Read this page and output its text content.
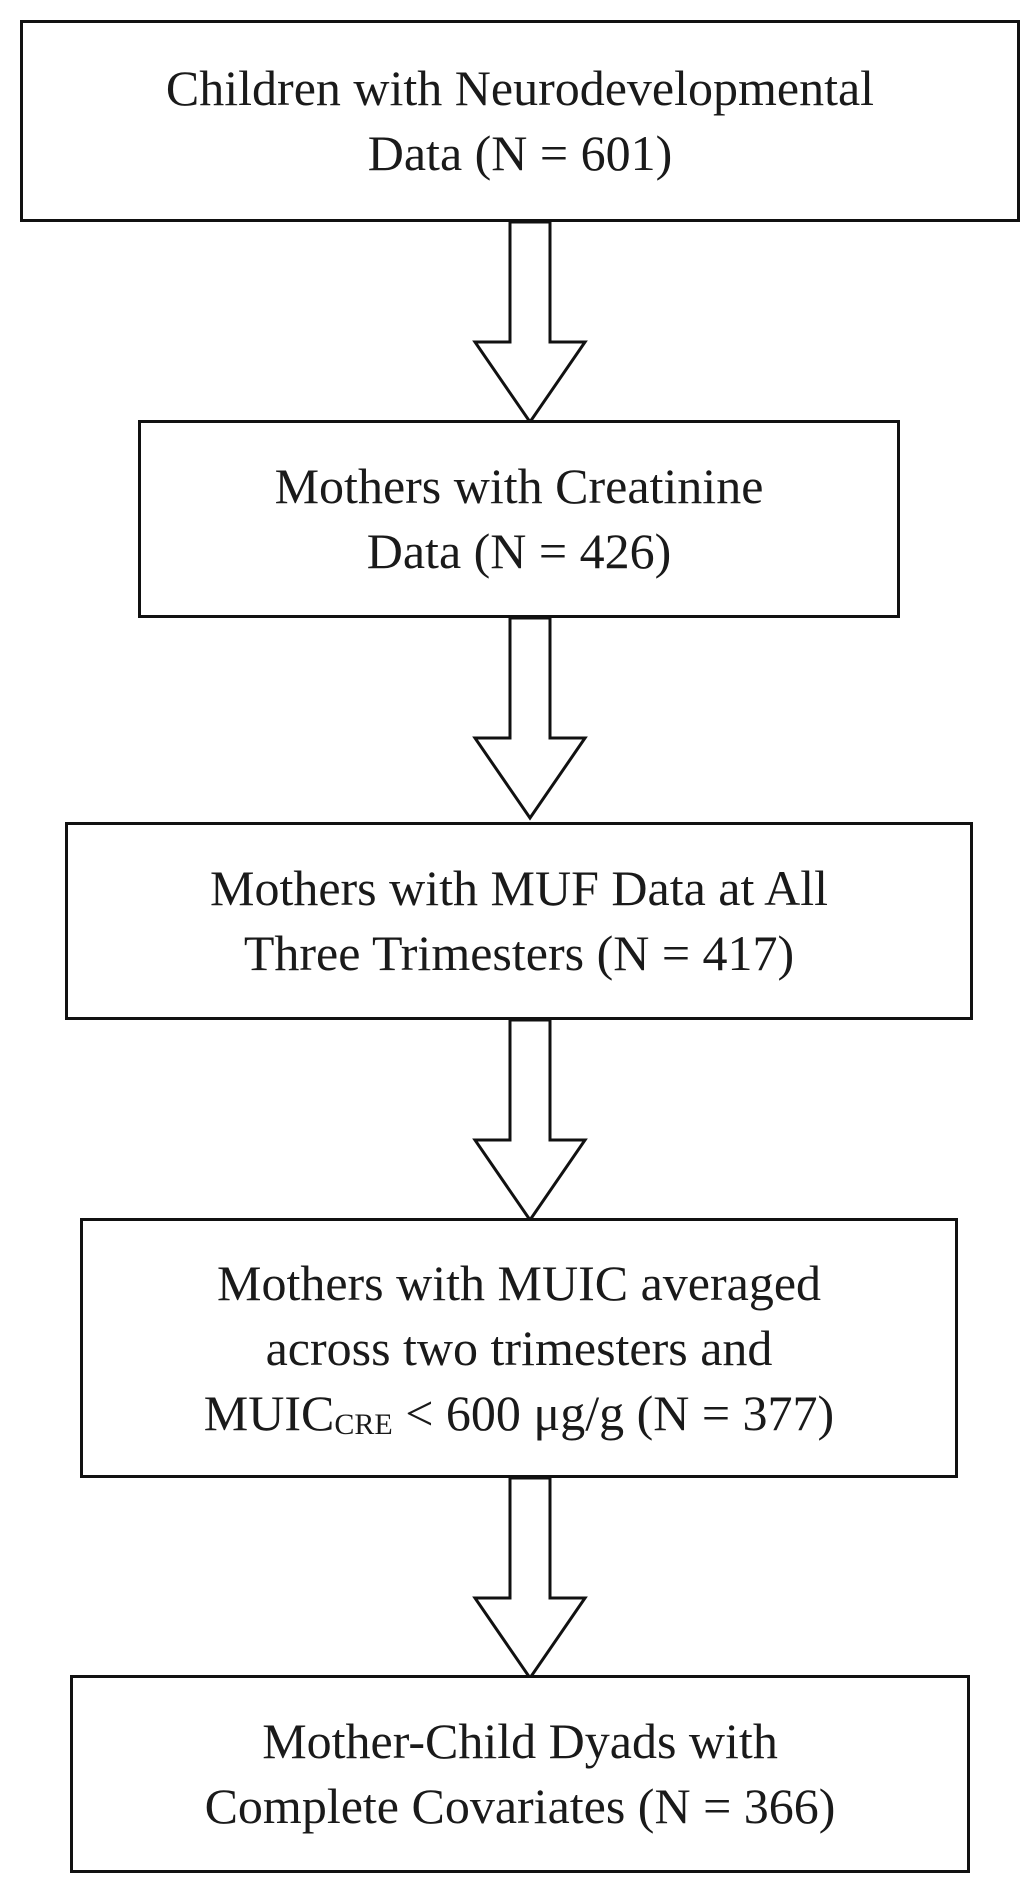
Children with Neurodevelopmental
Data (N = 601)
Mothers with Creatinine
Data (N = 426)
Mothers with MUF Data at All
Three Trimesters (N = 417)
Mothers with MUIC averaged
across two trimesters and
$MUIC_{CRE} < 600$ μg/g (N = 377)
Mother-Child Dyads with
Complete Covariates (N = 366)
